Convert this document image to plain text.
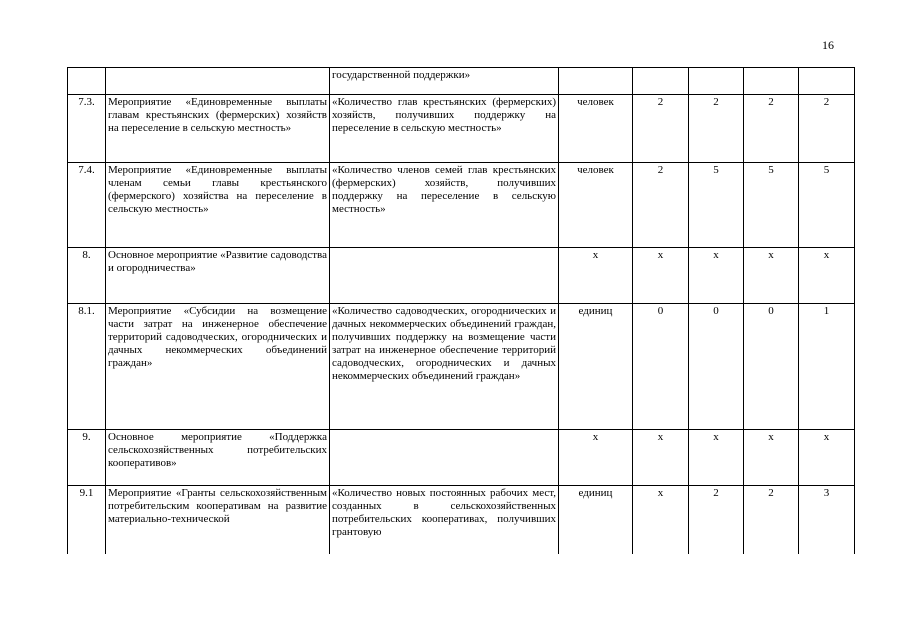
16
		государственной поддержки»					
7.3.	Мероприятие «Единовременные выплаты главам крестьянских (фермерских) хозяйств на переселение в сельскую местность»	«Количество глав крестьянских (фермерских) хозяйств, получивших поддержку на переселение в сельскую местность»	человек	2	2	2	2
7.4.	Мероприятие «Единовременные выплаты членам семьи главы крестьянского (фермерского) хозяйства на переселение в сельскую местность»	«Количество членов семей глав крестьянских (фермерских) хозяйств, получивших поддержку на переселение в сельскую местность»	человек	2	5	5	5
8.	Основное мероприятие «Развитие садоводства и огородничества»		х	х	х	х	х
8.1.	Мероприятие «Субсидии на возмещение части затрат на инженерное обеспечение территорий садоводческих, огороднических и дачных некоммерческих объединений граждан»	«Количество садоводческих, огороднических и дачных некоммерческих объединений граждан, получивших поддержку на возмещение части затрат на инженерное обеспечение территорий садоводческих, огороднических и дачных некоммерческих объединений граждан»	единиц	0	0	0	1
9.	Основное мероприятие «Поддержка сельскохозяйственных потребительских кооперативов»		х	х	х	х	х
9.1	Мероприятие «Гранты сельскохозяйственным потребительским кооперативам на развитие материально-технической	«Количество новых постоянных рабочих мест, созданных в сельскохозяйственных потребительских кооперативах, получивших грантовую	единиц	х	2	2	3
